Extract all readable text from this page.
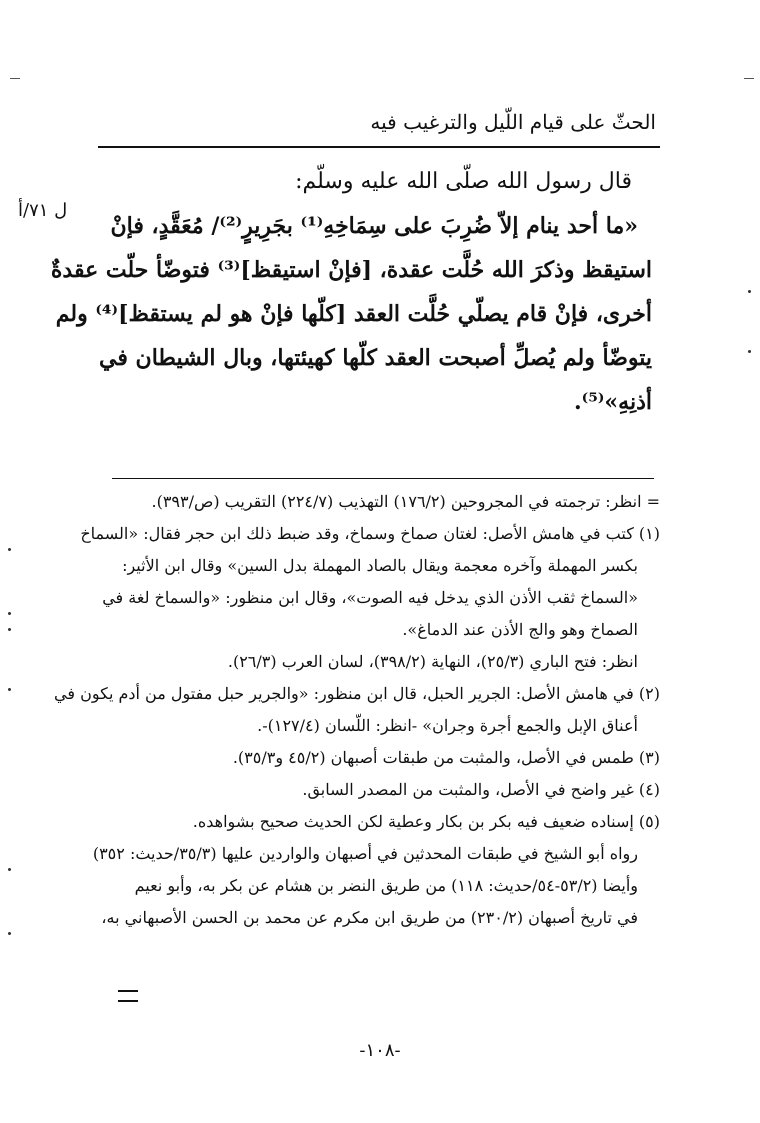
الحثّ على قيام اللّيل والترغيب فيه
ل ٧١/أ
قال رسول الله صلّى الله عليه وسلّم:
«ما أحد ينام إلاّ ضُرِبَ على سِمَاخِهِ⁽¹⁾ بجَرِيرٍ⁽²⁾/ مُعَقَّدٍ، فإنْ
استيقظ وذكرَ الله حُلَّت عقدة، [فإنْ استيقظ]⁽³⁾ فتوضّأ حلّت عقدةٌ
أخرى، فإنْ قام يصلّي حُلَّت العقد [كلّها فإنْ هو لم يستقظ]⁽⁴⁾ ولم
يتوضّأ ولم يُصلِّ أصبحت العقد كلّها كهيئتها، وبال الشيطان في
أذنِهِ»⁽⁵⁾.
= انظر: ترجمته في المجروحين (١٧٦/٢) التهذيب (٢٢٤/٧) التقريب (ص/٣٩٣).
(١) كتب في هامش الأصل: لغتان صماخ وسماخ، وقد ضبط ذلك ابن حجر فقال: «السماخ
بكسر المهملة وآخره معجمة ويقال بالصاد المهملة بدل السين» وقال ابن الأثير:
«السماخ ثقب الأذن الذي يدخل فيه الصوت»، وقال ابن منظور: «والسماخ لغة في
الصماخ وهو والج الأذن عند الدماغ».
انظر: فتح الباري (٢٥/٣)، النهاية (٣٩٨/٢)، لسان العرب (٢٦/٣).
(٢) في هامش الأصل: الجرير الحبل، قال ابن منظور: «والجرير حبل مفتول من أدم يكون في
أعناق الإبل والجمع أجرة وجران» -انظر: اللّسان (١٢٧/٤)-.
(٣) طمس في الأصل، والمثبت من طبقات أصبهان (٤٥/٢ و٣٥/٣).
(٤) غير واضح في الأصل، والمثبت من المصدر السابق.
(٥) إسناده ضعيف فيه بكر بن بكار وعطية لكن الحديث صحيح بشواهده.
رواه أبو الشيخ في طبقات المحدثين في أصبهان والواردين عليها (٣٥/٣/حديث: ٣٥٢)
وأيضا (٥٣/٢-٥٤/حديث: ١١٨) من طريق النضر بن هشام عن بكر به، وأبو نعيم
في تاريخ أصبهان (٢٣٠/٢) من طريق ابن مكرم عن محمد بن الحسن الأصبهاني به،
-١٠٨-
